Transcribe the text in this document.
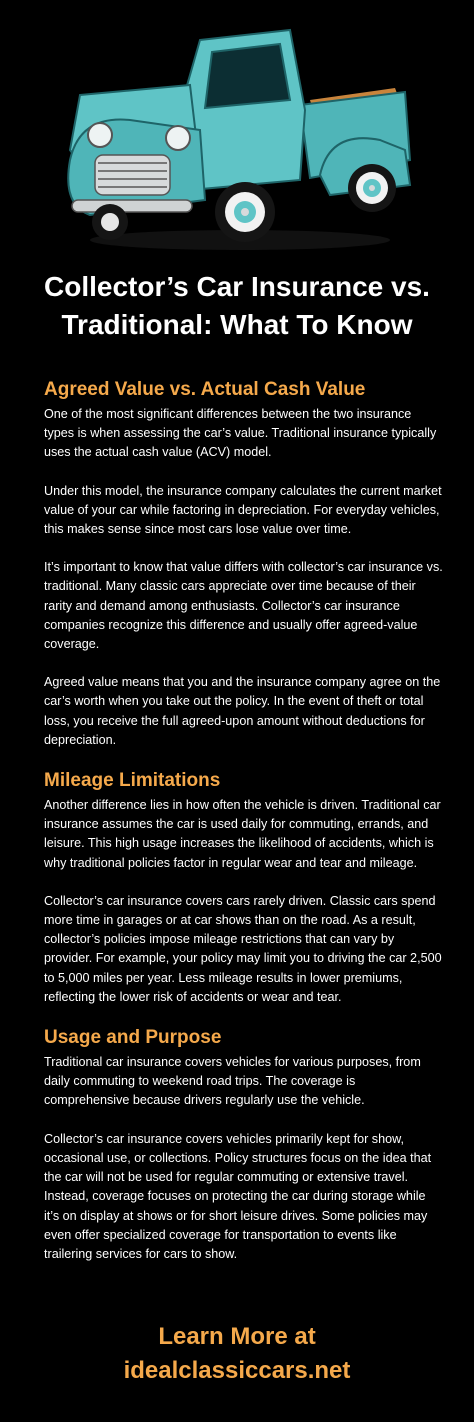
Collector’s Car Insurance vs.
Traditional: What To Know
Agreed Value vs. Actual Cash Value

One of the most significant differences between the two insurance types is when assessing the car’s value. Traditional insurance typically uses the actual cash value (ACV) model.

Under this model, the insurance company calculates the current market value of your car while factoring in depreciation. For everyday vehicles, this makes sense since most cars lose value over time.

It’s important to know that value differs with collector’s car insurance vs. traditional. Many classic cars appreciate over time because of their rarity and demand among enthusiasts. Collector’s car insurance companies recognize this difference and usually offer agreed-value coverage.

Agreed value means that you and the insurance company agree on the car’s worth when you take out the policy. In the event of theft or total loss, you receive the full agreed-upon amount without deductions for depreciation.

Mileage Limitations

Another difference lies in how often the vehicle is driven. Traditional car insurance assumes the car is used daily for commuting, errands, and leisure. This high usage increases the likelihood of accidents, which is why traditional policies factor in regular wear and tear and mileage.

Collector’s car insurance covers cars rarely driven. Classic cars spend more time in garages or at car shows than on the road. As a result, collector’s policies impose mileage restrictions that can vary by provider. For example, your policy may limit you to driving the car 2,500 to 5,000 miles per year. Less mileage results in lower premiums, reflecting the lower risk of accidents or wear and tear.

Usage and Purpose

Traditional car insurance covers vehicles for various purposes, from daily commuting to weekend road trips. The coverage is comprehensive because drivers regularly use the vehicle.

Collector’s car insurance covers vehicles primarily kept for show, occasional use, or collections. Policy structures focus on the idea that the car will not be used for regular commuting or extensive travel. Instead, coverage focuses on protecting the car during storage while it’s on display at shows or for short leisure drives. Some policies may even offer specialized coverage for transportation to events like trailering services for cars to show.

Learn More at
idealclassiccars.net
